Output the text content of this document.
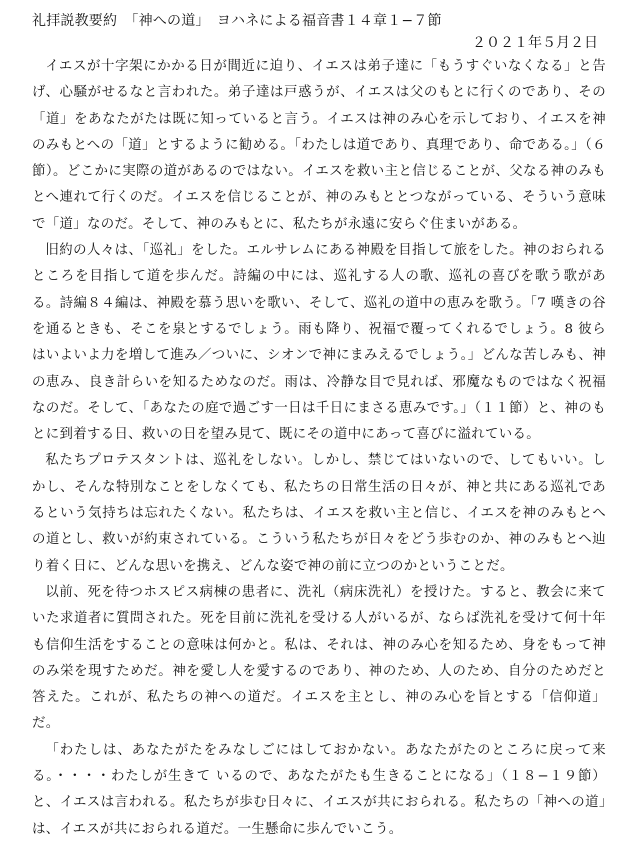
礼拝説教要約　「神への道」　ヨハネによる福音書１４章１−７節
２０２１年５月２日

イエスが十字架にかかる日が間近に迫り、イエスは弟子達に「もうすぐいなくなる」と告げ、心騒がせるなと言われた。弟子達は戸惑うが、イエスは父のもとに行くのであり、その「道」をあなたがたは既に知っていると言う。イエスは神のみ心を示しており、イエスを神のみもとへの「道」とするように勧める。「わたしは道であり、真理であり、命である。」（６節）。どこかに実際の道があるのではない。イエスを救い主と信じることが、父なる神のみもとへ連れて行くのだ。イエスを信じることが、神のみもととつながっている、そういう意味で「道」なのだ。そして、神のみもとに、私たちが永遠に安らぐ住まいがある。

旧約の人々は、「巡礼」をした。エルサレムにある神殿を目指して旅をした。神のおられるところを目指して道を歩んだ。詩編の中には、巡礼する人の歌、巡礼の喜びを歌う歌がある。詩編８４編は、神殿を慕う思いを歌い、そして、巡礼の道中の恵みを歌う。「7 嘆きの谷を通るときも、そこを泉とするでしょう。雨も降り、祝福で覆ってくれるでしょう。8 彼らはいよいよ力を増して進み／ついに、シオンで神にまみえるでしょう。」どんな苦しみも、神の恵み、良き計らいを知るためなのだ。雨は、冷静な目で見れば、邪魔なものではなく祝福なのだ。そして、「あなたの庭で過ごす一日は千日にまさる恵みです。」（１１節）と、神のもとに到着する日、救いの日を望み見て、既にその道中にあって喜びに溢れている。

私たちプロテスタントは、巡礼をしない。しかし、禁じてはいないので、してもいい。しかし、そんな特別なことをしなくても、私たちの日常生活の日々が、神と共にある巡礼であるという気持ちは忘れたくない。私たちは、イエスを救い主と信じ、イエスを神のみもとへの道とし、救いが約束されている。こういう私たちが日々をどう歩むのか、神のみもとへ辿り着く日に、どんな思いを携え、どんな姿で神の前に立つのかということだ。

以前、死を待つホスピス病棟の患者に、洗礼（病床洗礼）を授けた。すると、教会に来ていた求道者に質問された。死を目前に洗礼を受ける人がいるが、ならば洗礼を受けて何十年も信仰生活をすることの意味は何かと。私は、それは、神のみ心を知るため、身をもって神のみ栄を現すためだ。神を愛し人を愛するのであり、神のため、人のため、自分のためだと答えた。これが、私たちの神への道だ。イエスを主とし、神のみ心を旨とする「信仰道」だ。

「わたしは、あなたがたをみなしごにはしておかない。あなたがたのところに戻って来る。・・・・わたしが生きて いるので、あなたがたも生きることになる」（１８−１９節）と、イエスは言われる。私たちが歩む日々に、イエスが共におられる。私たちの「神への道」は、イエスが共におられる道だ。一生懸命に歩んでいこう。
